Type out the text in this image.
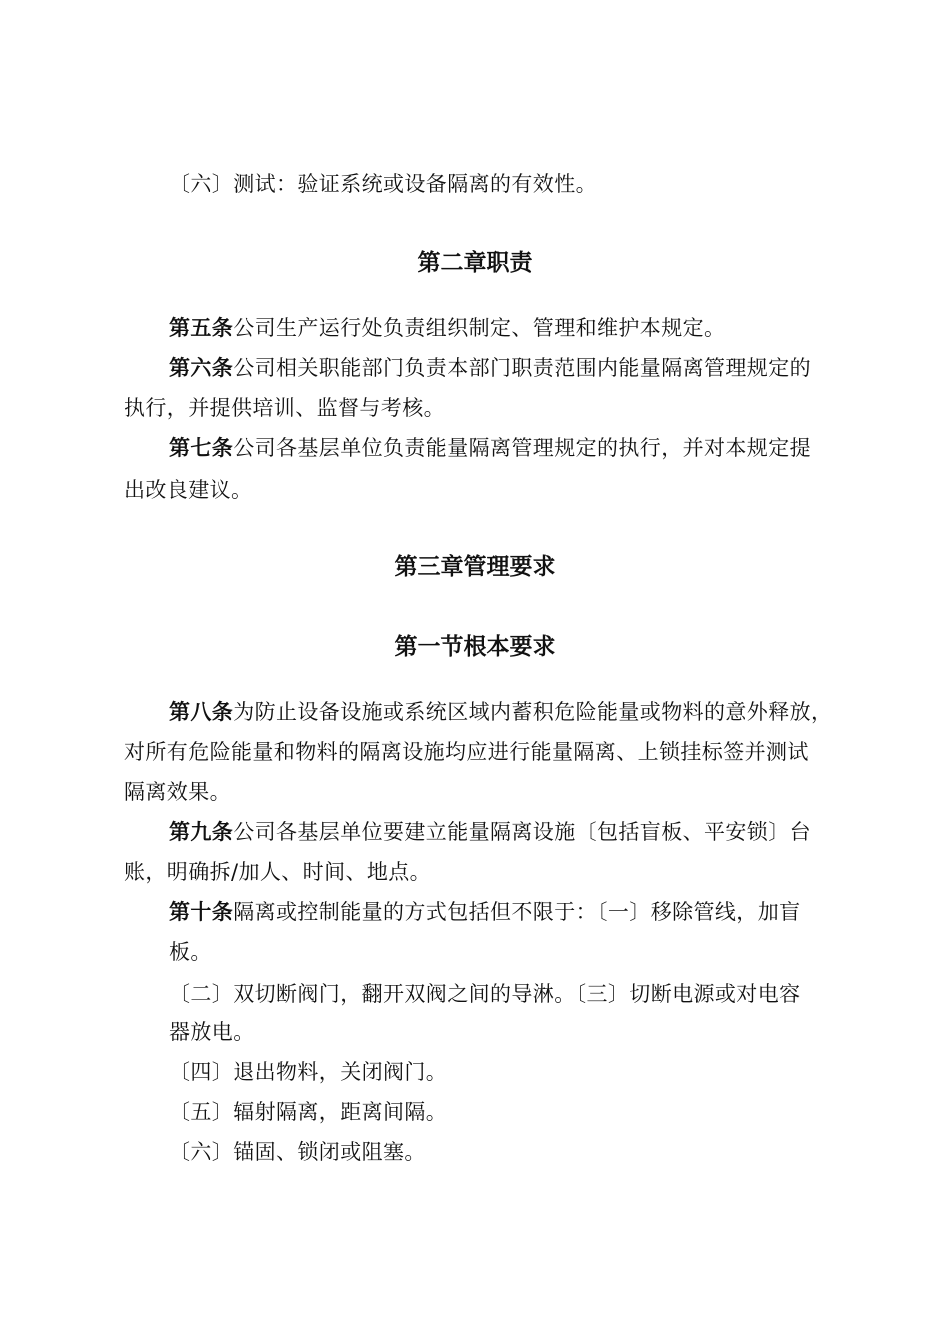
〔六〕测试：验证系统或设备隔离的有效性。
第二章职责
第五条公司生产运行处负责组织制定、管理和维护本规定。
第六条公司相关职能部门负责本部门职责范围内能量隔离管理规定的
执行，并提供培训、监督与考核。
第七条公司各基层单位负责能量隔离管理规定的执行，并对本规定提
出改良建议。
第三章管理要求
第一节根本要求
第八条为防止设备设施或系统区域内蓄积危险能量或物料的意外释放，
对所有危险能量和物料的隔离设施均应进行能量隔离、上锁挂标签并测试
隔离效果。
第九条公司各基层单位要建立能量隔离设施〔包括盲板、平安锁〕台
账，明确拆/加人、时间、地点。
第十条隔离或控制能量的方式包括但不限于：〔一〕移除管线，加盲
板。
〔二〕双切断阀门，翻开双阀之间的导淋。〔三〕切断电源或对电容
器放电。
〔四〕退出物料，关闭阀门。
〔五〕辐射隔离，距离间隔。
〔六〕锚固、锁闭或阻塞。
